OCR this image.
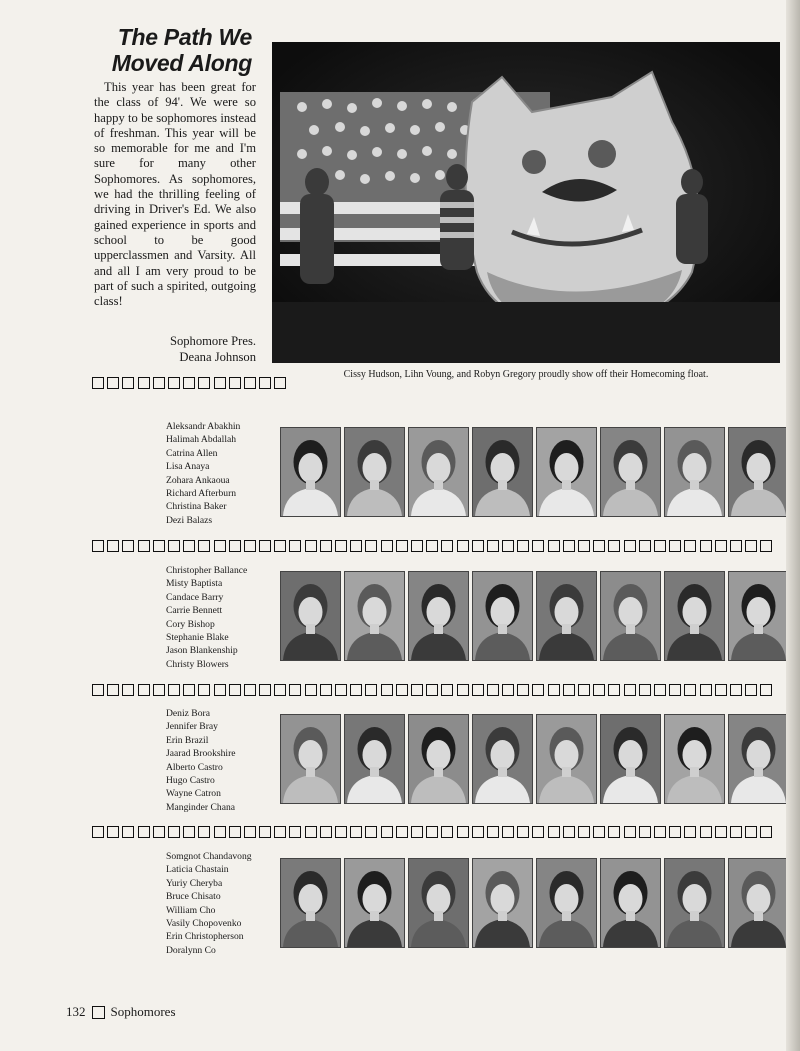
The Path We
Moved Along

This year has been great for the class of 94'. We were so happy to be sophomores instead of freshman. This year will be so memorable for me and I'm sure for many other Sophomores. As sophomores, we had the thrilling feeling of driving in Driver's Ed. We also gained experience in sports and school to be good upperclassmen and Varsity. All and all I am very proud to be part of such a spirited, outgoing class!

Sophomore Pres.
Deana Johnson
Cissy Hudson, Lihn Voung, and Robyn Gregory proudly show off their Homecoming float.
Aleksandr Abakhin
Halimah Abdallah
Catrina Allen
Lisa Anaya
Zohara Ankaoua
Richard Afterburn
Christina Baker
Dezi Balazs
Christopher Ballance
Misty Baptista
Candace Barry
Carrie Bennett
Cory Bishop
Stephanie Blake
Jason Blankenship
Christy Blowers
Deniz Bora
Jennifer Bray
Erin Brazil
Jaarad Brookshire
Alberto Castro
Hugo Castro
Wayne Catron
Manginder Chana
Somgnot Chandavong
Laticia Chastain
Yuriy Cheryba
Bruce Chisato
William Cho
Vasily Chopovenko
Erin Christopherson
Doralynn Co
132 Sophomores
